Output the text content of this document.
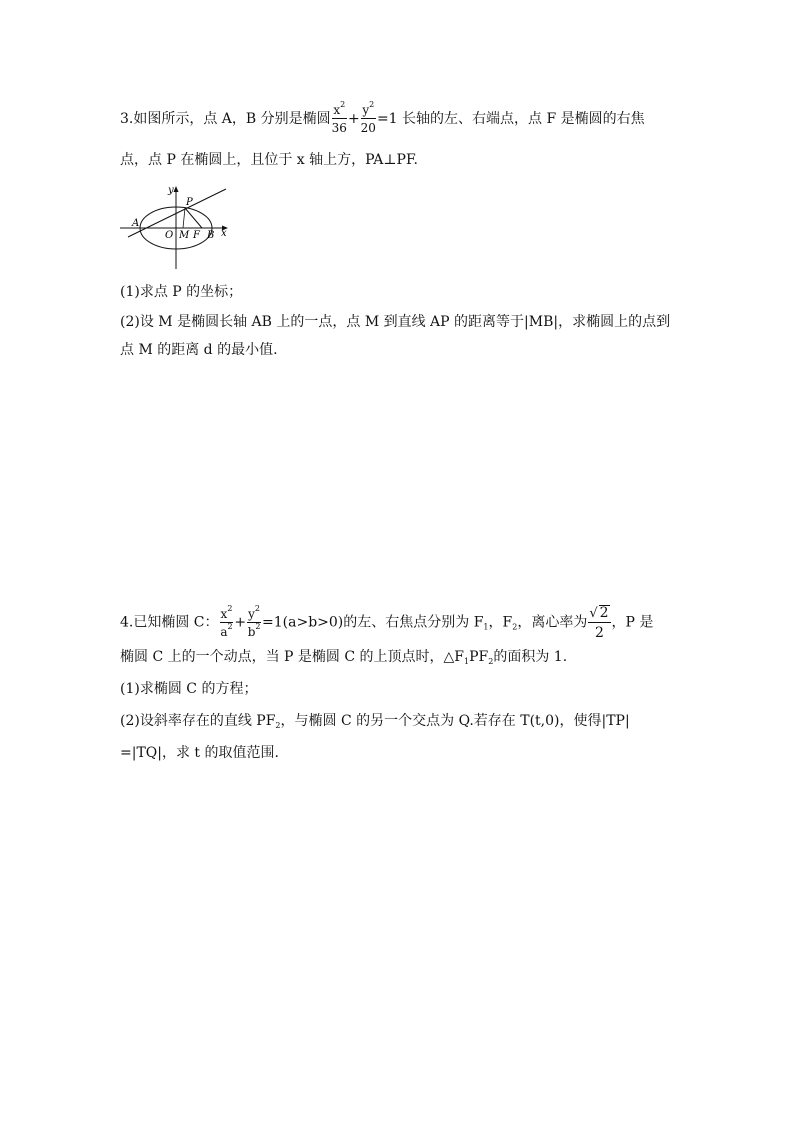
3.如图所示，点 A，B 分别是椭圆 $\frac{x^2}{36} + \frac{y^2}{20} =1$ 长轴的左、右端点，点 F 是椭圆的右焦
点，点 P 在椭圆上，且位于 x 轴上方，PA⊥PF.
y
P
A
O M F B x
(1)求点 P 的坐标；
(2)设 M 是椭圆长轴 AB 上的一点，点 M 到直线 AP 的距离等于|MB|，求椭圆上的点到
点 M 的距离 d 的最小值.
4.已知椭圆 C： $\frac{x^2}{a^2} + \frac{y^2}{b^2} =1(a>b>0)$的左、右焦点分别为 $F_1$，$F_2$，离心率为 $\frac{√ 2}{2}$ ，P 是
椭圆 C 上的一个动点，当 P 是椭圆 C 的上顶点时，$\triangle F_1PF_2$的面积为 1.
(1)求椭圆 C 的方程；
(2)设斜率存在的直线 $PF_2$，与椭圆 C 的另一个交点为 Q.若存在 T(t,0)，使得|TP|
=|TQ|，求 t 的取值范围.
